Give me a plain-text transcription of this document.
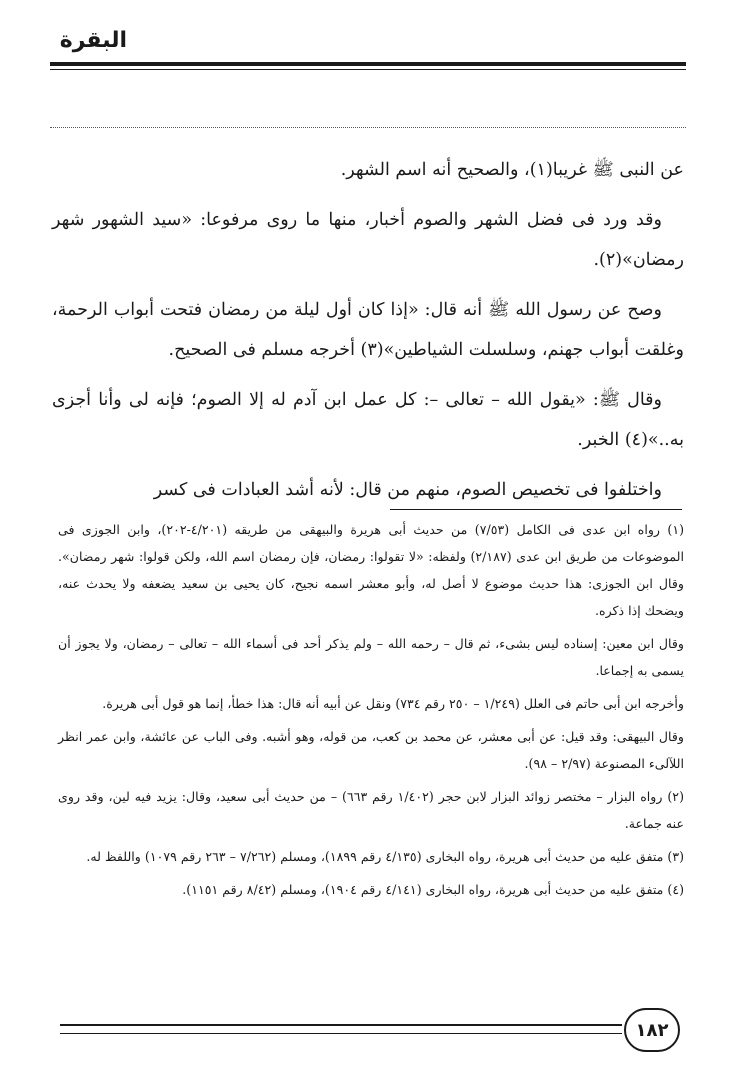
البقرة

عن النبى ﷺ غريبا(١)، والصحيح أنه اسم الشهر.

وقد ورد فى فضل الشهر والصوم أخبار، منها ما روى مرفوعا: «سيد الشهور شهر رمضان»(٢).

وصح عن رسول الله ﷺ أنه قال: «إذا كان أول ليلة من رمضان فتحت أبواب الرحمة، وغلقت أبواب جهنم، وسلسلت الشياطين»(٣) أخرجه مسلم فى الصحيح.

وقال ﷺ: «يقول الله – تعالى –: كل عمل ابن آدم له إلا الصوم؛ فإنه لى وأنا أجزى به..»(٤) الخبر.

واختلفوا فى تخصيص الصوم، منهم من قال: لأنه أشد العبادات فى كسر

(١) رواه ابن عدى فى الكامل (٧/٥٣) من حديث أبى هريرة والبيهقى من طريقه (٤/٢٠١-٢٠٢)، وابن الجوزى فى الموضوعات من طريق ابن عدى (٢/١٨٧) ولفظه: «لا تقولوا: رمضان، فإن رمضان اسم الله، ولكن قولوا: شهر رمضان». وقال ابن الجوزى: هذا حديث موضوع لا أصل له، وأبو معشر اسمه نجيح، كان يحيى بن سعيد يضعفه ولا يحدث عنه، ويضحك إذا ذكره.

وقال ابن معين: إسناده ليس بشىء، ثم قال – رحمه الله – ولم يذكر أحد فى أسماء الله – تعالى – رمضان، ولا يجوز أن يسمى به إجماعا.

وأخرجه ابن أبى حاتم فى العلل (١/٢٤٩ – ٢٥٠ رقم ٧٣٤) ونقل عن أبيه أنه قال: هذا خطأ، إنما هو قول أبى هريرة.

وقال البيهقى: وقد قيل: عن أبى معشر، عن محمد بن كعب، من قوله، وهو أشبه. وفى الباب عن عائشة، وابن عمر انظر اللآلىء المصنوعة (٢/٩٧ – ٩٨).

(٢) رواه البزار – مختصر زوائد البزار لابن حجر (١/٤٠٢ رقم ٦٦٣) – من حديث أبى سعيد، وقال: يزيد فيه لين، وقد روى عنه جماعة.

(٣) متفق عليه من حديث أبى هريرة، رواه البخارى (٤/١٣٥ رقم ١٨٩٩)، ومسلم (٧/٢٦٢ – ٢٦٣ رقم ١٠٧٩) واللفظ له.

(٤) متفق عليه من حديث أبى هريرة، رواه البخارى (٤/١٤١ رقم ١٩٠٤)، ومسلم (٨/٤٢ رقم ١١٥١).

١٨٢
